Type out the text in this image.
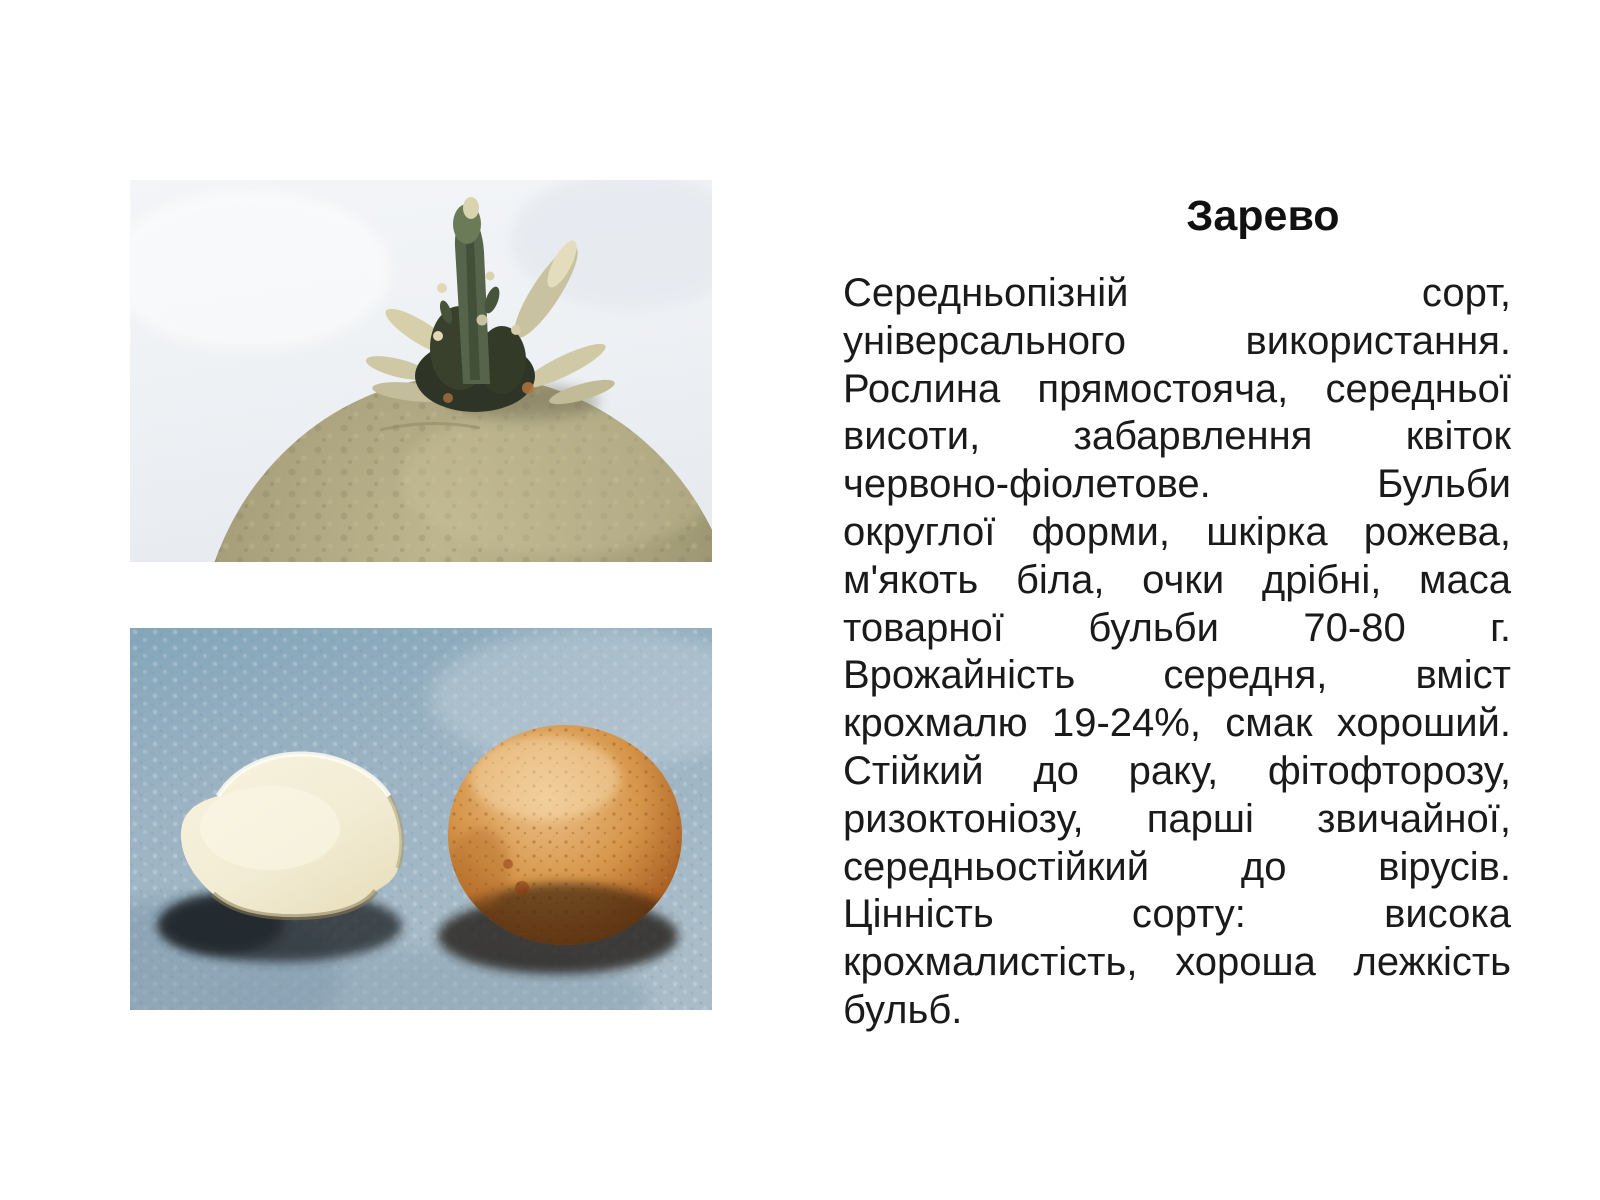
Зарево
Середньопізній сорт,
універсального використання.
Рослина прямостояча, середньої
висоти, забарвлення квіток
червоно-фіолетове. Бульби
округлої форми, шкірка рожева,
м'якоть біла, очки дрібні, маса
товарної бульби 70-80 г.
Врожайність середня, вміст
крохмалю 19-24%, смак хороший.
Стійкий до раку, фітофторозу,
ризоктоніозу, парші звичайної,
середньостійкий до вірусів.
Цінність сорту: висока
крохмалистість, хороша лежкість
бульб.
